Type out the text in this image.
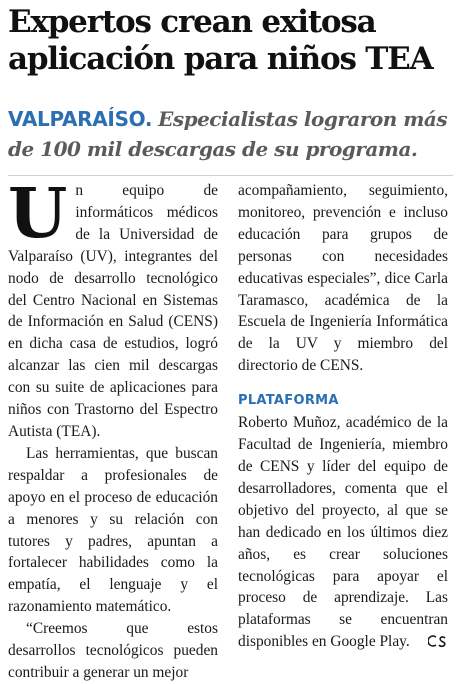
Expertos crean exitosa aplicación para niños TEA

VALPARAÍSO. Especialistas lograron más de 100 mil descargas de su programa.

Un equipo de informáticos médicos de la Universidad de Valparaíso (UV), integrantes del nodo de desarrollo tecnológico del Centro Nacional en Sistemas de Información en Salud (CENS) en dicha casa de estudios, logró alcanzar las cien mil descargas con su suite de aplicaciones para niños con Trastorno del Espectro Autista (TEA).

Las herramientas, que buscan respaldar a profesionales de apoyo en el proceso de educación a menores y su relación con tutores y padres, apuntan a fortalecer habilidades como la empatía, el lenguaje y el razonamiento matemático.

“Creemos que estos desarrollos tecnológicos pueden contribuir a generar un mejor

acompañamiento, seguimiento, monitoreo, prevención e incluso educación para grupos de personas con necesidades educativas especiales”, dice Carla Taramasco, académica de la Escuela de Ingeniería Informática de la UV y miembro del directorio de CENS.

PLATAFORMA

Roberto Muñoz, académico de la Facultad de Ingeniería, miembro de CENS y líder del equipo de desarrolladores, comenta que el objetivo del proyecto, al que se han dedicado en los últimos diez años, es crear soluciones tecnológicas para apoyar el proceso de aprendizaje. Las plataformas se encuentran disponibles en Google Play.
